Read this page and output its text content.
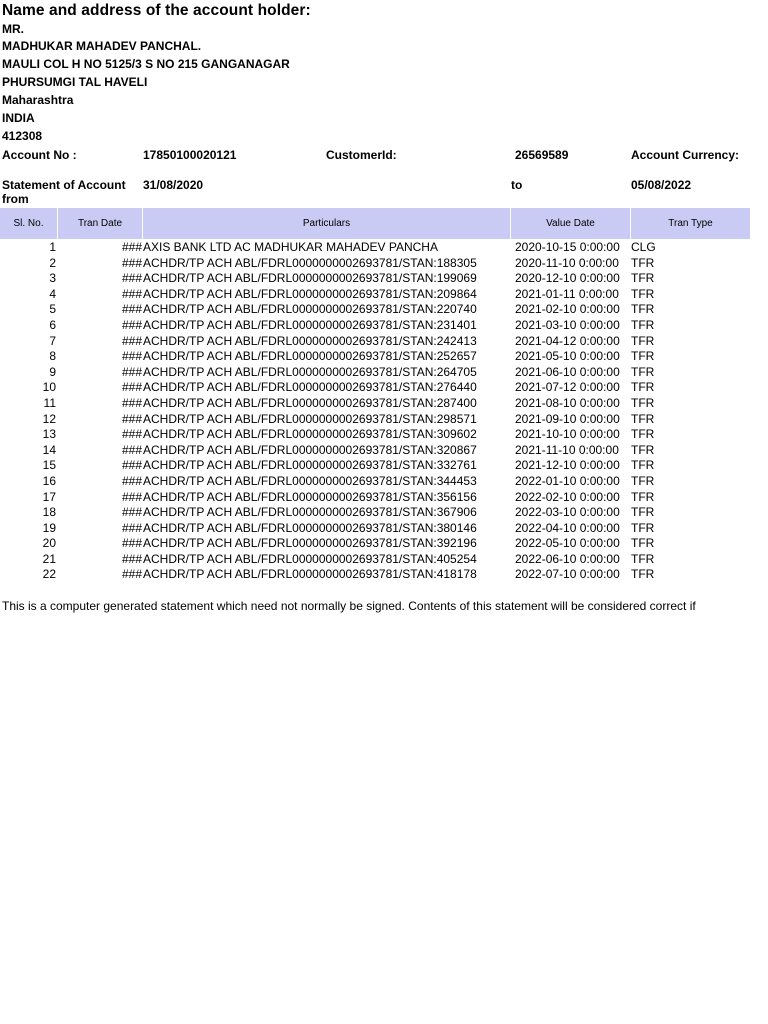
Name and address of the account holder:
MR.
MADHUKAR MAHADEV PANCHAL.
MAULI COL H NO 5125/3 S NO 215 GANGANAGAR
PHURSUMGI TAL HAVELI
Maharashtra
INDIA
412308
Account No :	17850100020121	CustomerId:	26569589	Account Currency:
Statement of Account from
31/08/2020	to	05/08/2022
Sl. No.	Tran Date	Particulars	Value Date	Tran Type
1	### AXIS BANK LTD AC MADHUKAR MAHADEV PANCHA	2020-10-15 0:00:00 CLG
2	### ACHDR/TP ACH ABL/FDRL0000000002693781/STAN:188305	2020-11-10 0:00:00 TFR
3	### ACHDR/TP ACH ABL/FDRL0000000002693781/STAN:199069	2020-12-10 0:00:00 TFR
4	### ACHDR/TP ACH ABL/FDRL0000000002693781/STAN:209864	2021-01-11 0:00:00 TFR
5	### ACHDR/TP ACH ABL/FDRL0000000002693781/STAN:220740	2021-02-10 0:00:00 TFR
6	### ACHDR/TP ACH ABL/FDRL0000000002693781/STAN:231401	2021-03-10 0:00:00 TFR
7	### ACHDR/TP ACH ABL/FDRL0000000002693781/STAN:242413	2021-04-12 0:00:00 TFR
8	### ACHDR/TP ACH ABL/FDRL0000000002693781/STAN:252657	2021-05-10 0:00:00 TFR
9	### ACHDR/TP ACH ABL/FDRL0000000002693781/STAN:264705	2021-06-10 0:00:00 TFR
10	### ACHDR/TP ACH ABL/FDRL0000000002693781/STAN:276440	2021-07-12 0:00:00 TFR
11	### ACHDR/TP ACH ABL/FDRL0000000002693781/STAN:287400	2021-08-10 0:00:00 TFR
12	### ACHDR/TP ACH ABL/FDRL0000000002693781/STAN:298571	2021-09-10 0:00:00 TFR
13	### ACHDR/TP ACH ABL/FDRL0000000002693781/STAN:309602	2021-10-10 0:00:00 TFR
14	### ACHDR/TP ACH ABL/FDRL0000000002693781/STAN:320867	2021-11-10 0:00:00 TFR
15	### ACHDR/TP ACH ABL/FDRL0000000002693781/STAN:332761	2021-12-10 0:00:00 TFR
16	### ACHDR/TP ACH ABL/FDRL0000000002693781/STAN:344453	2022-01-10 0:00:00 TFR
17	### ACHDR/TP ACH ABL/FDRL0000000002693781/STAN:356156	2022-02-10 0:00:00 TFR
18	### ACHDR/TP ACH ABL/FDRL0000000002693781/STAN:367906	2022-03-10 0:00:00 TFR
19	### ACHDR/TP ACH ABL/FDRL0000000002693781/STAN:380146	2022-04-10 0:00:00 TFR
20	### ACHDR/TP ACH ABL/FDRL0000000002693781/STAN:392196	2022-05-10 0:00:00 TFR
21	### ACHDR/TP ACH ABL/FDRL0000000002693781/STAN:405254	2022-06-10 0:00:00 TFR
22	### ACHDR/TP ACH ABL/FDRL0000000002693781/STAN:418178	2022-07-10 0:00:00 TFR
This is a computer generated statement which need not normally be signed. Contents of this statement will be considered correct if
